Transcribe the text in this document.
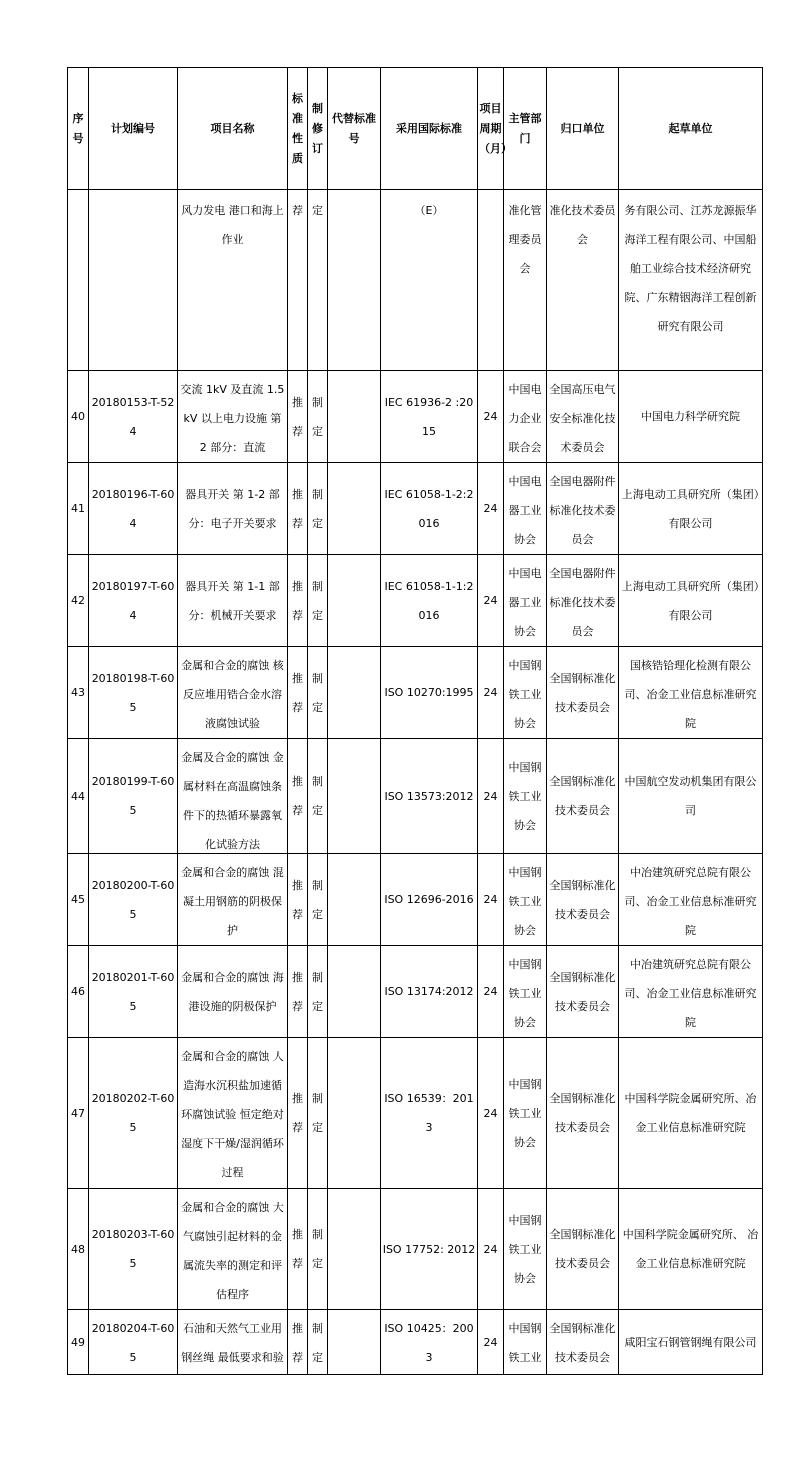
序号	计划编号	项目名称	标准性质	制修订	代替标准号	采用国际标准	项目周期（月）	主管部门	归口单位	起草单位

		风力发电 港口和海上作业	荐	定		（E）		准化管理委员会	准化技术委员会	务有限公司、江苏龙源振华海洋工程有限公司、中国船舶工业综合技术经济研究院、广东精铟海洋工程创新研究有限公司

40	20180153-T-524	交流 1kV 及直流 1.5kV 以上电力设施 第 2 部分：直流	推荐	制定		IEC 61936-2 :2015	24	中国电力企业联合会	全国高压电气安全标准化技术委员会	中国电力科学研究院

41	20180196-T-604	器具开关 第 1-2 部分：电子开关要求	推荐	制定		IEC 61058-1-2:2016	24	中国电器工业协会	全国电器附件标准化技术委员会	上海电动工具研究所（集团）有限公司

42	20180197-T-604	器具开关 第 1-1 部分：机械开关要求	推荐	制定		IEC 61058-1-1:2016	24	中国电器工业协会	全国电器附件标准化技术委员会	上海电动工具研究所（集团）有限公司

43	20180198-T-605	金属和合金的腐蚀 核反应堆用锆合金水溶液腐蚀试验	推荐	制定		ISO 10270:1995	24	中国钢铁工业协会	全国钢标准化技术委员会	国核锆铪理化检测有限公司、冶金工业信息标准研究院

44	20180199-T-605	金属及合金的腐蚀 金属材料在高温腐蚀条件下的热循环暴露氧化试验方法	推荐	制定		ISO 13573:2012	24	中国钢铁工业协会	全国钢标准化技术委员会	中国航空发动机集团有限公司

45	20180200-T-605	金属和合金的腐蚀 混凝土用钢筋的阴极保护	推荐	制定		ISO 12696-2016	24	中国钢铁工业协会	全国钢标准化技术委员会	中冶建筑研究总院有限公司、冶金工业信息标准研究院

46	20180201-T-605	金属和合金的腐蚀 海港设施的阴极保护	推荐	制定		ISO 13174:2012	24	中国钢铁工业协会	全国钢标准化技术委员会	中冶建筑研究总院有限公司、冶金工业信息标准研究院

47	20180202-T-605	金属和合金的腐蚀 人造海水沉积盐加速循环腐蚀试验 恒定绝对湿度下干燥/湿润循环过程	推荐	制定		ISO 16539：2013	24	中国钢铁工业协会	全国钢标准化技术委员会	中国科学院金属研究所、冶金工业信息标准研究院

48	20180203-T-605	金属和合金的腐蚀 大气腐蚀引起材料的金属流失率的测定和评估程序	推荐	制定		ISO 17752: 2012	24	中国钢铁工业协会	全国钢标准化技术委员会	中国科学院金属研究所、 冶金工业信息标准研究院

49	20180204-T-605	石油和天然气工业用钢丝绳 最低要求和验	推荐	制定		ISO 10425：2003	24	中国钢铁工业	全国钢标准化技术委员会	咸阳宝石钢管钢绳有限公司
